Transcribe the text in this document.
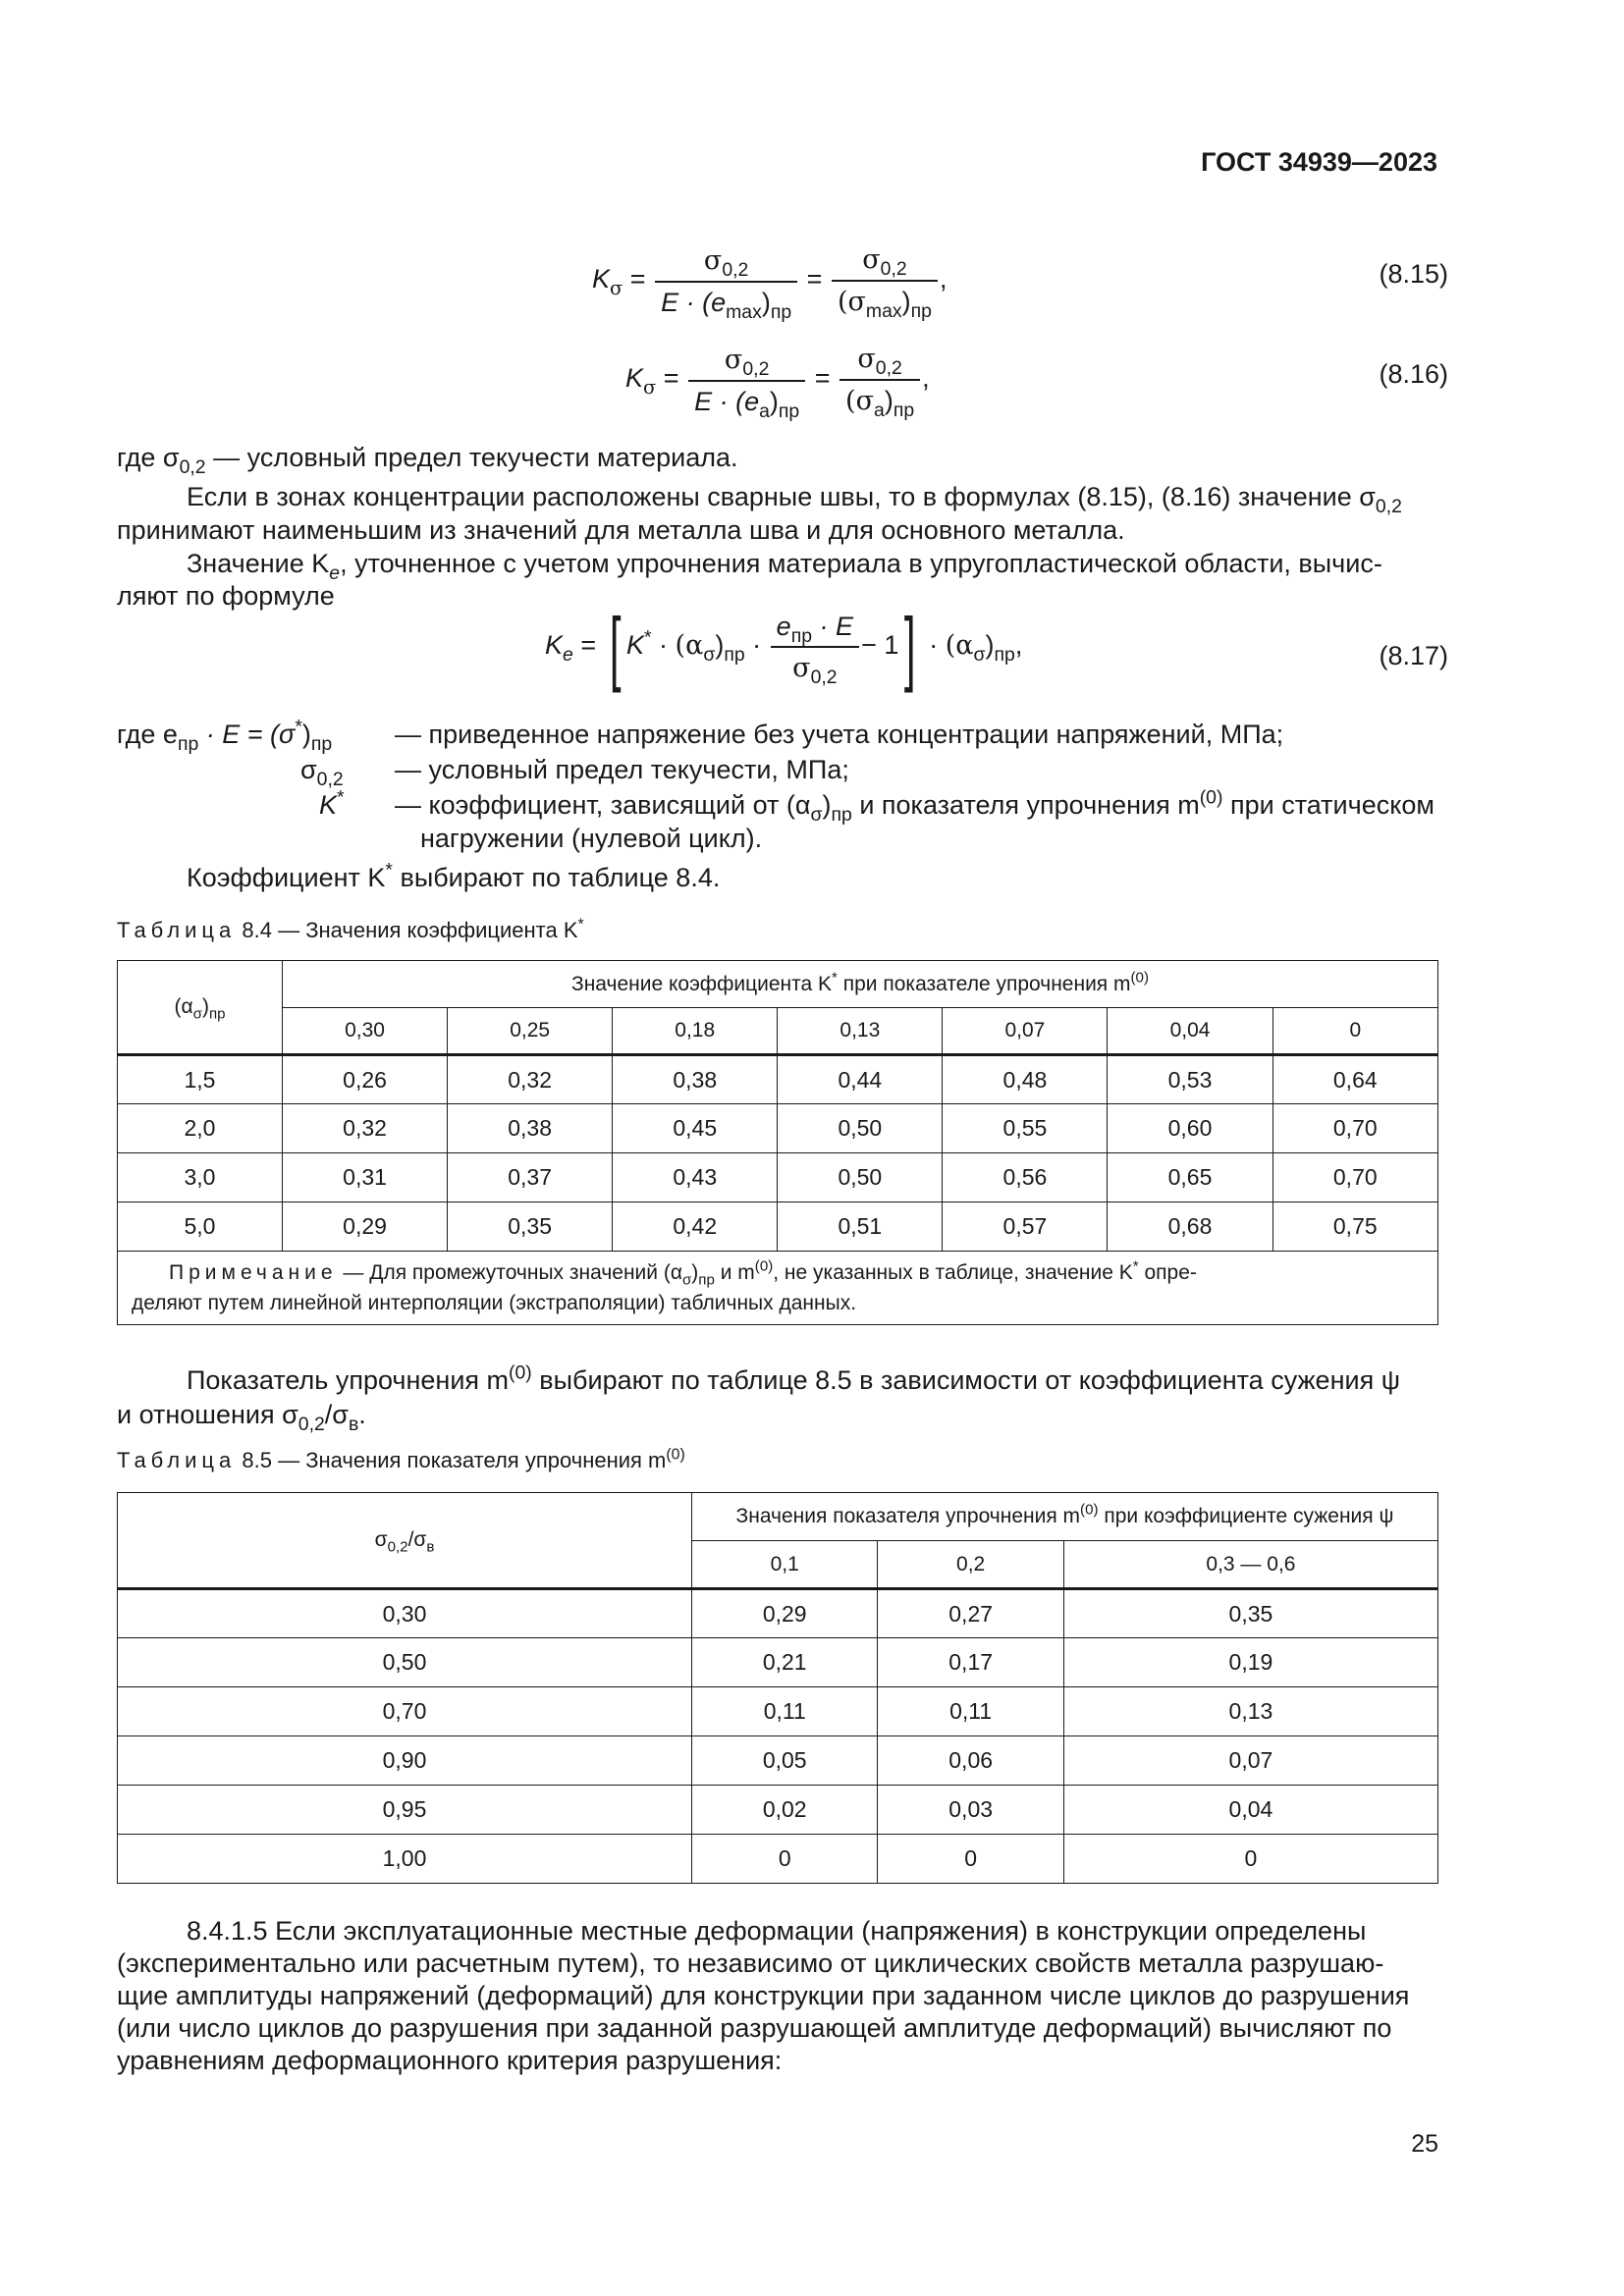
ГОСТ 34939—2023
$K_\sigma = \frac{\sigma_{0,2}}{E \cdot (e_{max})_{пр}} = \frac{\sigma_{0,2}}{(\sigma_{max})_{пр}}$ ,	(8.15)
$K_\sigma = \frac{\sigma_{0,2}}{E \cdot (e_a)_{пр}} = \frac{\sigma_{0,2}}{(\sigma_a)_{пр}}$ ,	(8.16)
где $\sigma_{0,2}$ — условный предел текучести материала.
Если в зонах концентрации расположены сварные швы, то в формулах (8.15), (8.16) значение $\sigma_{0,2}$
принимают наименьшим из значений для металла шва и для основного металла.
Значение $K_e$, уточненное с учетом упрочнения материала в упругопластической области, вычис-
ляют по формуле
$K_e$ = [ $K^* \cdot (\alpha_\sigma)_{пр} \cdot \frac{e_{пр} \cdot E}{\sigma_{0,2}} - 1] \cdot (\alpha_\sigma)_{пр}$,	(8.17)
где $e_{пр} \cdot E = (\sigma^*)_{пр}$ — приведенное напряжение без учета концентрации напряжений, МПа;
$\sigma_{0,2}$ — условный предел текучести, МПа;
K* — коэффициент, зависящий от $(\alpha_\sigma)_{пр}$ и показателя упрочнения $m^{(0)}$ при статическом
нагружении (нулевой цикл).
Коэффициент K* выбирают по таблице 8.4.
Таблица 8.4 — Значения коэффициента K*
$(\alpha_\sigma)_{пр}$	Значение коэффициента K* при показателе упрочнения $m^{(0)}$
	0,30	0,25	0,18	0,13	0,07	0,04	0
1,5	0,26	0,32	0,38	0,44	0,48	0,53	0,64
2,0	0,32	0,38	0,45	0,50	0,55	0,60	0,70
3,0	0,31	0,37	0,43	0,50	0,56	0,65	0,70
5,0	0,29	0,35	0,42	0,51	0,57	0,68	0,75
Примечание — Для промежуточных значений $(\alpha_\sigma)_{пр}$ и $m^{(0)}$, не указанных в таблице, значение K* опре-
деляют путем линейной интерполяции (экстраполяции) табличных данных.							
Показатель упрочнения $m^{(0)}$ выбирают по таблице 8.5 в зависимости от коэффициента сужения ψ
и отношения $\sigma_{0,2}/\sigma_в$.
Таблица 8.5 — Значения показателя упрочнения $m^{(0)}$
$\sigma_{0,2}/\sigma_в$	Значения показателя упрочнения $m^{(0)}$ при коэффициенте сужения ψ		
	0,1	0,2	0,3 — 0,6
0,30	0,29	0,27	0,35
0,50	0,21	0,17	0,19
0,70	0,11	0,11	0,13
0,90	0,05	0,06	0,07
0,95	0,02	0,03	0,04
1,00	0	0	0
8.4.1.5 Если эксплуатационные местные деформации (напряжения) в конструкции определены
(экспериментально или расчетным путем), то независимо от циклических свойств металла разрушаю-
щие амплитуды напряжений (деформаций) для конструкции при заданном числе циклов до разрушения
(или число циклов до разрушения при заданной разрушающей амплитуде деформаций) вычисляют по
уравнениям деформационного критерия разрушения:
25
